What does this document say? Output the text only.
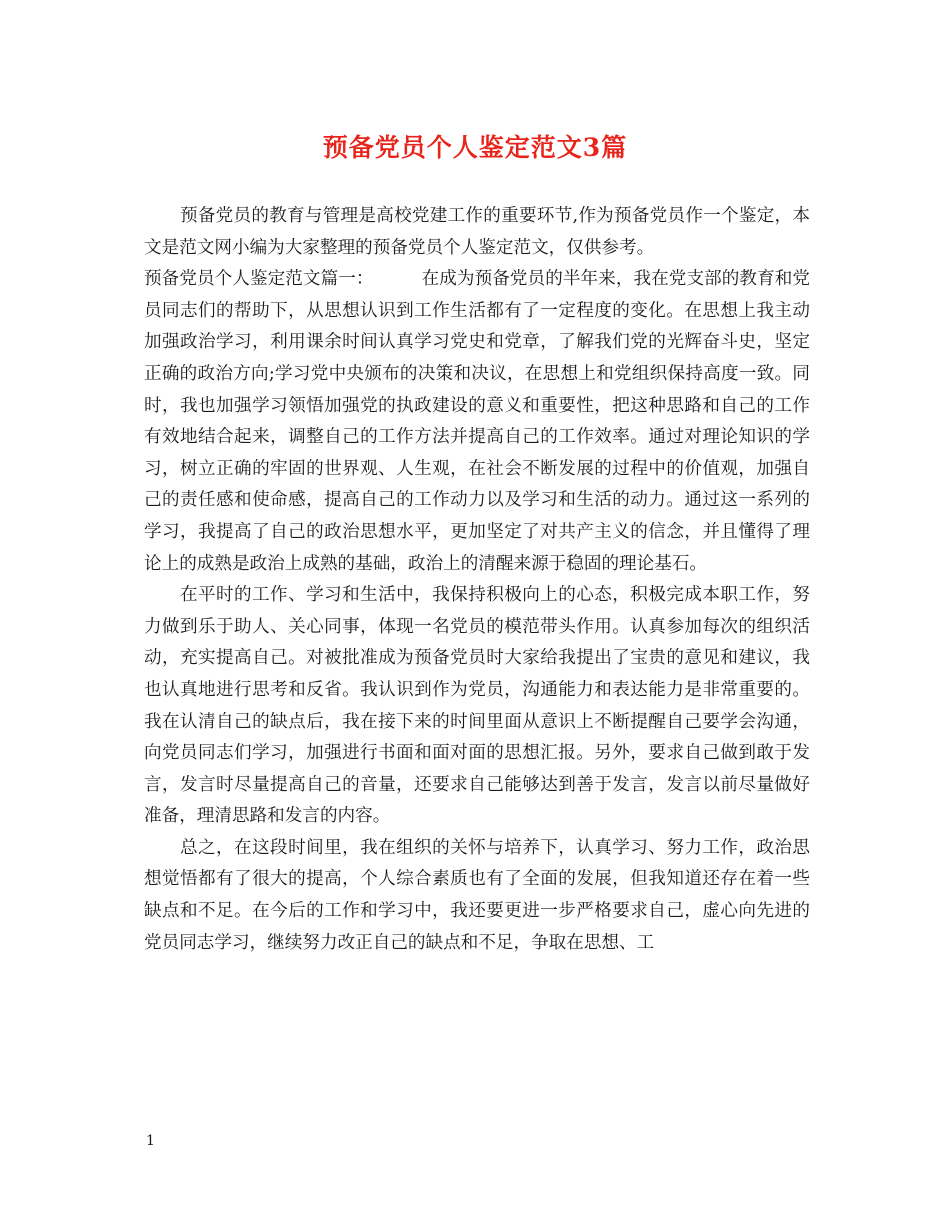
预备党员个人鉴定范文3篇

预备党员的教育与管理是高校党建工作的重要环节,作为预备党员作一个鉴定，本文是范文网小编为大家整理的预备党员个人鉴定范文，仅供参考。

预备党员个人鉴定范文篇一：	在成为预备党员的半年来，我在党支部的教育和党员同志们的帮助下，从思想认识到工作生活都有了一定程度的变化。在思想上我主动加强政治学习，利用课余时间认真学习党史和党章，了解我们党的光辉奋斗史，坚定正确的政治方向;学习党中央颁布的决策和决议，在思想上和党组织保持高度一致。同时，我也加强学习领悟加强党的执政建设的意义和重要性，把这种思路和自己的工作有效地结合起来，调整自己的工作方法并提高自己的工作效率。通过对理论知识的学习，树立正确的牢固的世界观、人生观，在社会不断发展的过程中的价值观，加强自己的责任感和使命感，提高自己的工作动力以及学习和生活的动力。通过这一系列的学习，我提高了自己的政治思想水平，更加坚定了对共产主义的信念，并且懂得了理论上的成熟是政治上成熟的基础，政治上的清醒来源于稳固的理论基石。

在平时的工作、学习和生活中，我保持积极向上的心态，积极完成本职工作，努力做到乐于助人、关心同事，体现一名党员的模范带头作用。认真参加每次的组织活动，充实提高自己。对被批准成为预备党员时大家给我提出了宝贵的意见和建议，我也认真地进行思考和反省。我认识到作为党员，沟通能力和表达能力是非常重要的。我在认清自己的缺点后，我在接下来的时间里面从意识上不断提醒自己要学会沟通，向党员同志们学习，加强进行书面和面对面的思想汇报。另外，要求自己做到敢于发言，发言时尽量提高自己的音量，还要求自己能够达到善于发言，发言以前尽量做好准备，理清思路和发言的内容。

总之，在这段时间里，我在组织的关怀与培养下，认真学习、努力工作，政治思想觉悟都有了很大的提高，个人综合素质也有了全面的发展，但我知道还存在着一些缺点和不足。在今后的工作和学习中，我还要更进一步严格要求自己，虚心向先进的党员同志学习，继续努力改正自己的缺点和不足，争取在思想、工

1
